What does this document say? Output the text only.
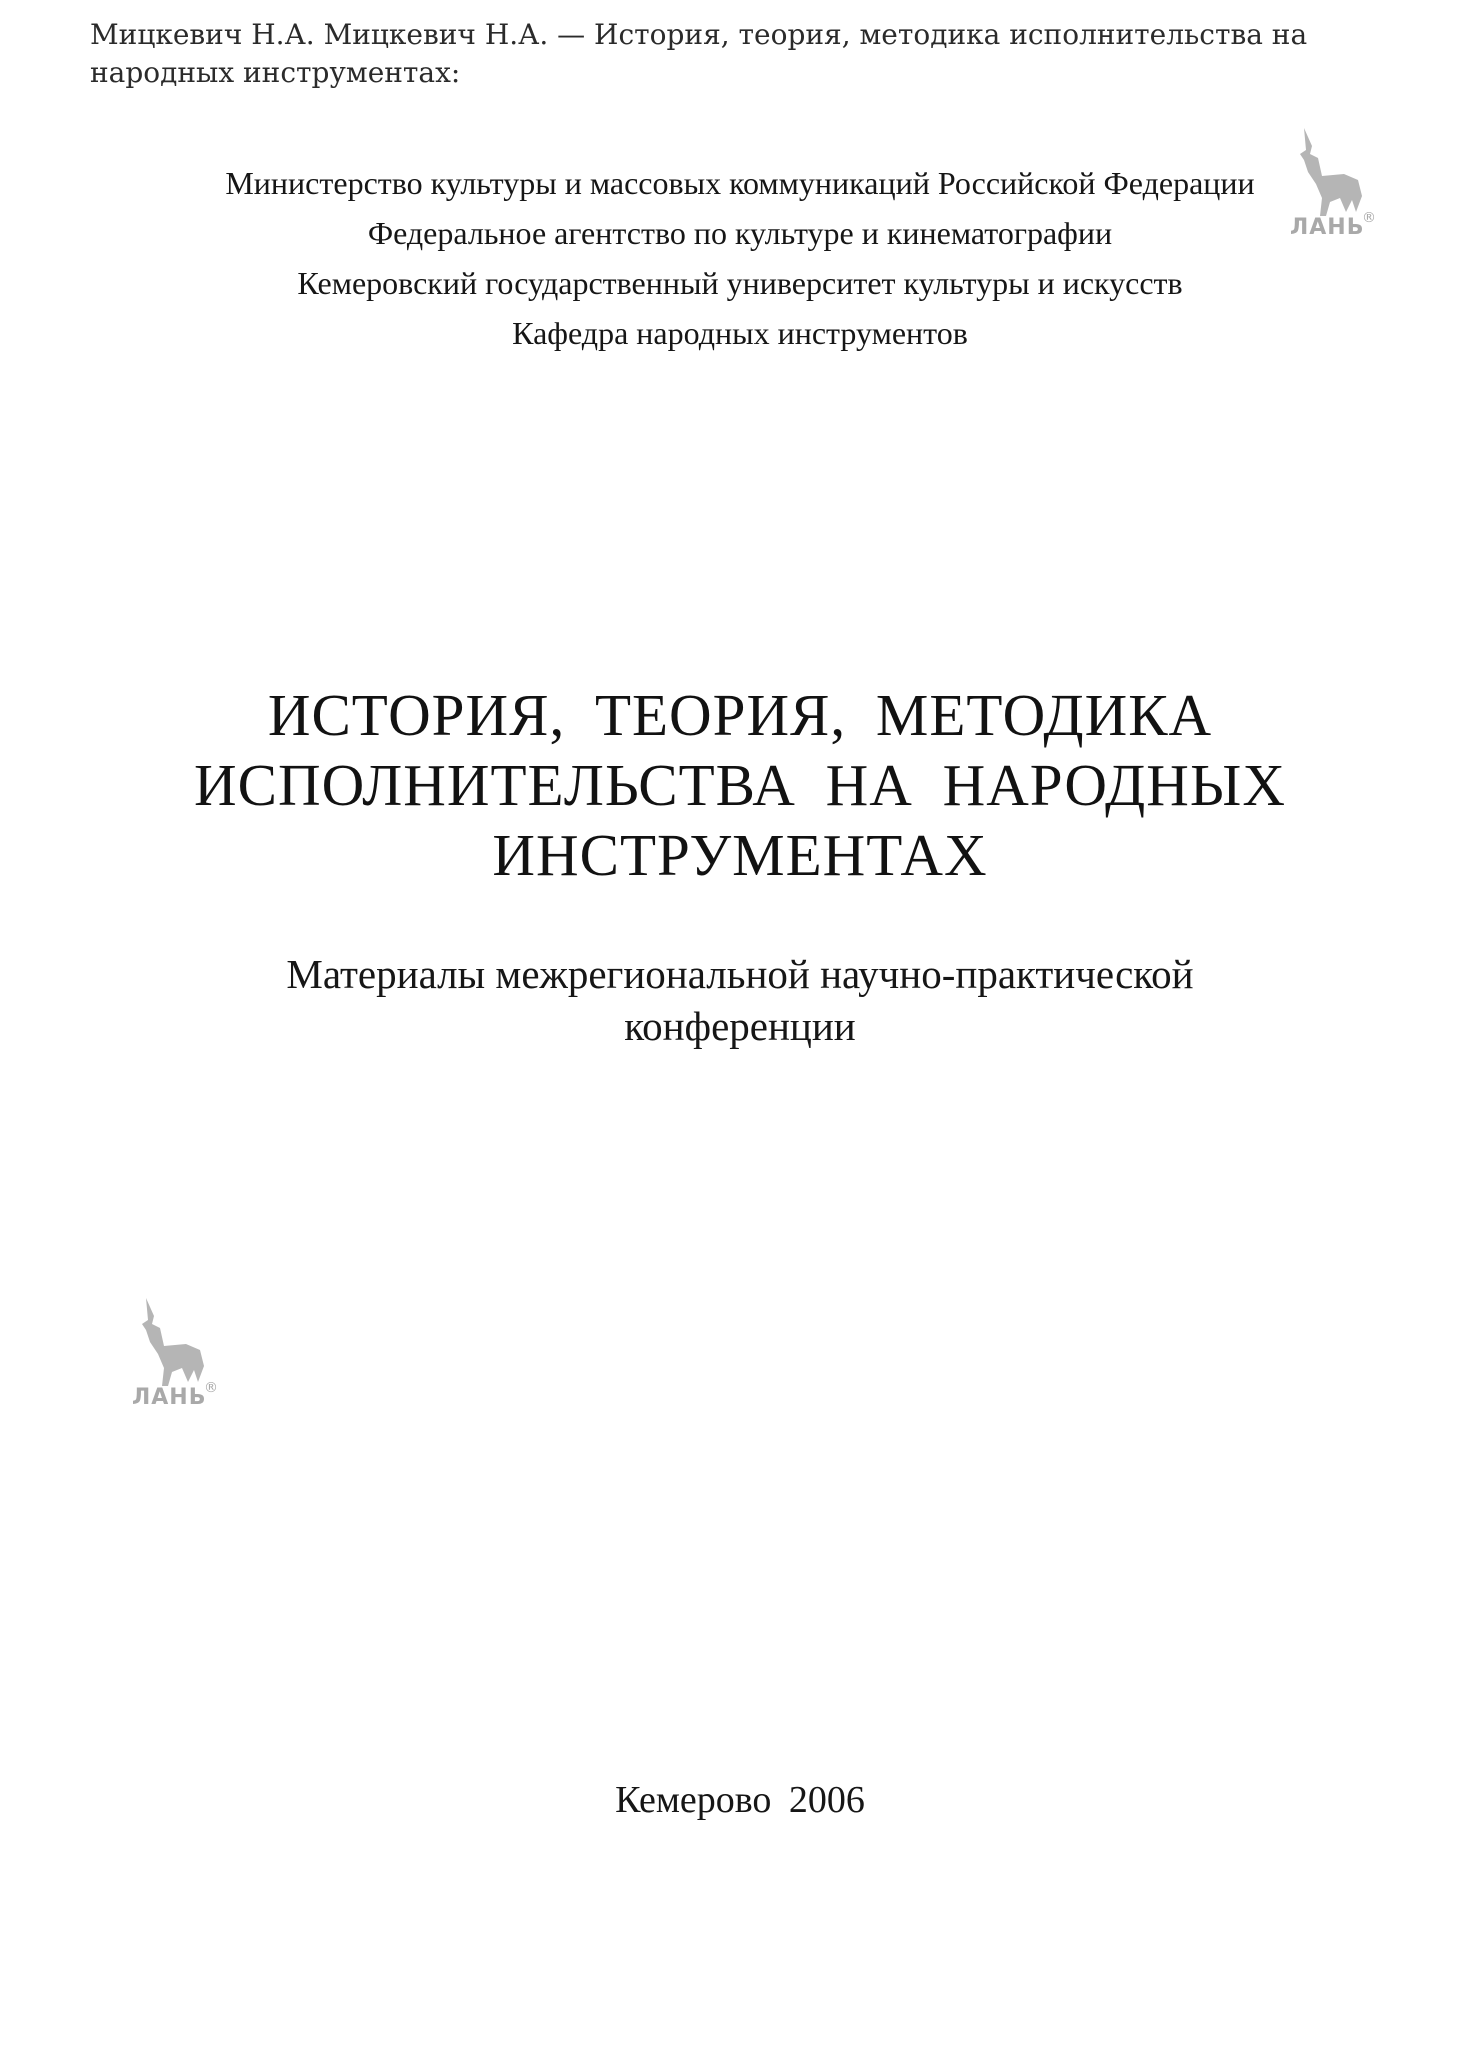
Мицкевич Н.А. Мицкевич Н.А. — История, теория, методика исполнительства на народных инструментах:
ЛАНЬ
®
Министерство культуры и массовых коммуникаций Российской Федерации
Федеральное агентство по культуре и кинематографии
Кемеровский государственный университет культуры и искусств
Кафедра народных инструментов
ИСТОРИЯ, ТЕОРИЯ, МЕТОДИКА
ИСПОЛНИТЕЛЬСТВА НА НАРОДНЫХ
ИНСТРУМЕНТАХ
Материалы межрегиональной научно-практической
конференции
ЛАНЬ
®
Кемерово 2006
